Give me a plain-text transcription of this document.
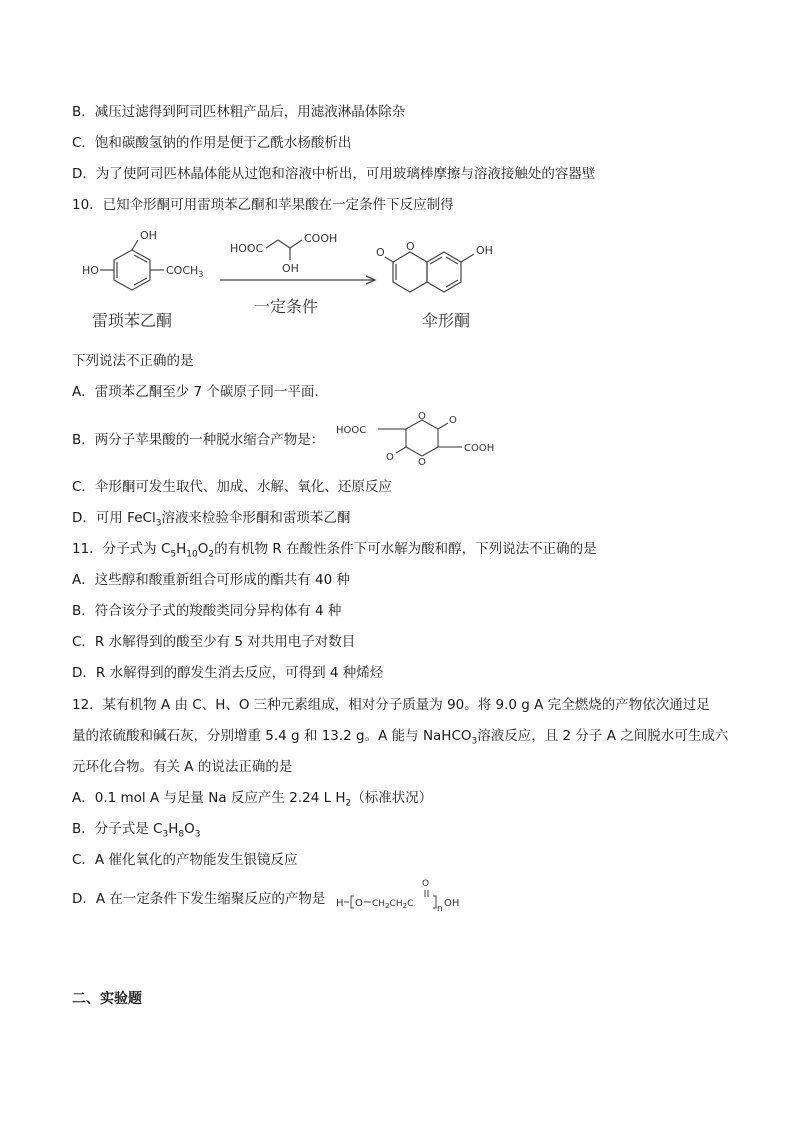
B．减压过滤得到阿司匹林粗产品后，用滤液淋晶体除杂
C．饱和碳酸氢钠的作用是便于乙酰水杨酸析出
D．为了使阿司匹林晶体能从过饱和溶液中析出，可用玻璃棒摩擦与溶液接触处的容器壁
10．已知伞形酮可用雷琐苯乙酮和苹果酸在一定条件下反应制得
OH
HO	$COCH_3$
HOOC
COOH
OH
O O	OH
雷琐苯乙酮
一定条件
伞形酮
下列说法不正确的是
A．雷琐苯乙酮至少 7 个碳原子同一平面.
B．两分子苹果酸的一种脱水缩合产物是：
HOOC
O O
O O
COOH
C．伞形酮可发生取代、加成、水解、氧化、还原反应
D．可用 FeCl$_3$溶液来检验伞形酮和雷琐苯乙酮
11．分子式为 $C_5H_{10}O_2$的有机物 R 在酸性条件下可水解为酸和醇，下列说法不正确的是
A．这些醇和酸重新组合可形成的酯共有 40 种
B．符合该分子式的羧酸类同分异构体有 4 种
C．R 水解得到的酸至少有 5 对共用电子对数目
D．R 水解得到的醇发生消去反应，可得到 4 种烯烃
12．某有机物 A 由 C、H、O 三种元素组成，相对分子质量为 90。将 9.0 g A 完全燃烧的产物依次通过足
量的浓硫酸和碱石灰，分别增重 5.4 g 和 13.2 g。A 能与 NaHCO$_3$溶液反应，且 2 分子 A 之间脱水可生成六
元环化合物。有关 A 的说法正确的是
A．0.1 mol A 与足量 Na 反应产生 2.24 L $H_2$（标准状况）
B．分子式是 $C_3H_8O_3$
C．A 催化氧化的产物能发生银镜反应
D．A 在一定条件下发生缩聚反应的产物是 H O $CH_2CH_2C$
O
n OH
二、实验题
